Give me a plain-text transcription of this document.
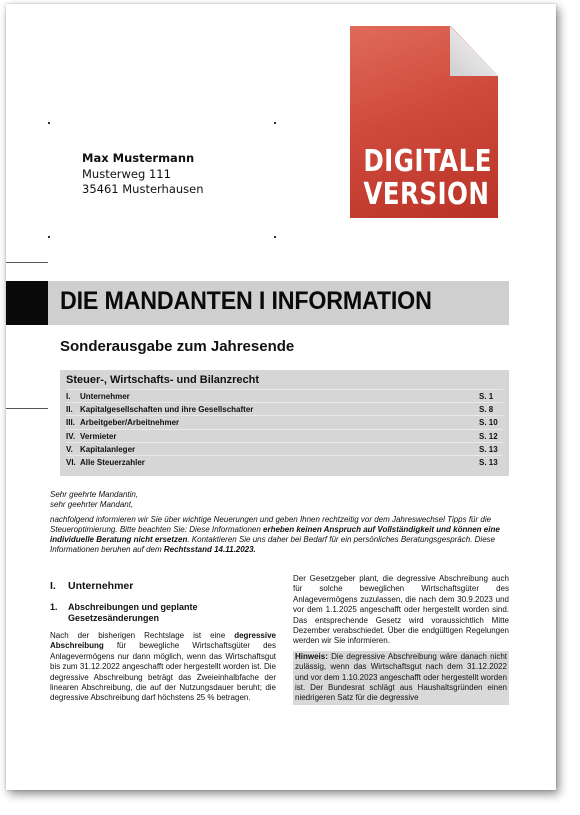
Max Mustermann
Musterweg 111
35461 Musterhausen
DIE MANDANTEN I INFORMATION
Sonderausgabe zum Jahresende
Steuer-, Wirtschafts- und Bilanzrecht
I.	Unternehmer	S. 1
II. Kapitalgesellschaften und ihre Gesellschafter	S. 8
III. Arbeitgeber/Arbeitnehmer	S. 10
IV. Vermieter	S. 12
V. Kapitalanleger	S. 13
VI. Alle Steuerzahler	S. 13

Sehr geehrte Mandantin,

sehr geehrter Mandant,

nachfolgend informieren wir Sie über wichtige Neuerungen und geben Ihnen rechtzeitig vor dem Jahreswechsel Tipps für die Steueroptimierung. Bitte beachten Sie: Diese Informationen erheben keinen Anspruch auf Vollständigkeit und können eine individuelle Beratung nicht ersetzen. Kontaktieren Sie uns daher bei Bedarf für ein persönliches Beratungsgespräch. Diese Informationen beruhen auf dem Rechtsstand 14.11.2023.

I.	Unternehmer
1.	Abschreibungen und geplante Gesetzesänderungen
Nach der bisherigen Rechtslage ist eine degressive Abschreibung für bewegliche Wirtschaftsgüter des Anlagevermögens nur dann möglich, wenn das Wirtschaftsgut bis zum 31.12.2022 angeschafft oder hergestellt worden ist. Die degressive Abschreibung beträgt das Zweieinhalbfache der linearen Abschreibung, die auf der Nutzungsdauer beruht; die degressive Abschreibung darf höchstens 25 % betragen.
Der Gesetzgeber plant, die degressive Abschreibung auch für solche beweglichen Wirtschaftsgüter des Anlagevermögens zuzulassen, die nach dem 30.9.2023 und vor dem 1.1.2025 angeschafft oder hergestellt worden sind. Das entsprechende Gesetz wird voraussichtlich Mitte Dezember verabschiedet. Über die endgültigen Regelungen werden wir Sie informieren.
Hinweis: Die degressive Abschreibung wäre danach nicht zulässig, wenn das Wirtschaftsgut nach dem 31.12.2022 und vor dem 1.10.2023 angeschafft oder hergestellt worden ist. Der Bundesrat schlägt aus Haushaltsgründen einen niedrigeren Satz für die degressive
DIGITALE
VERSION
